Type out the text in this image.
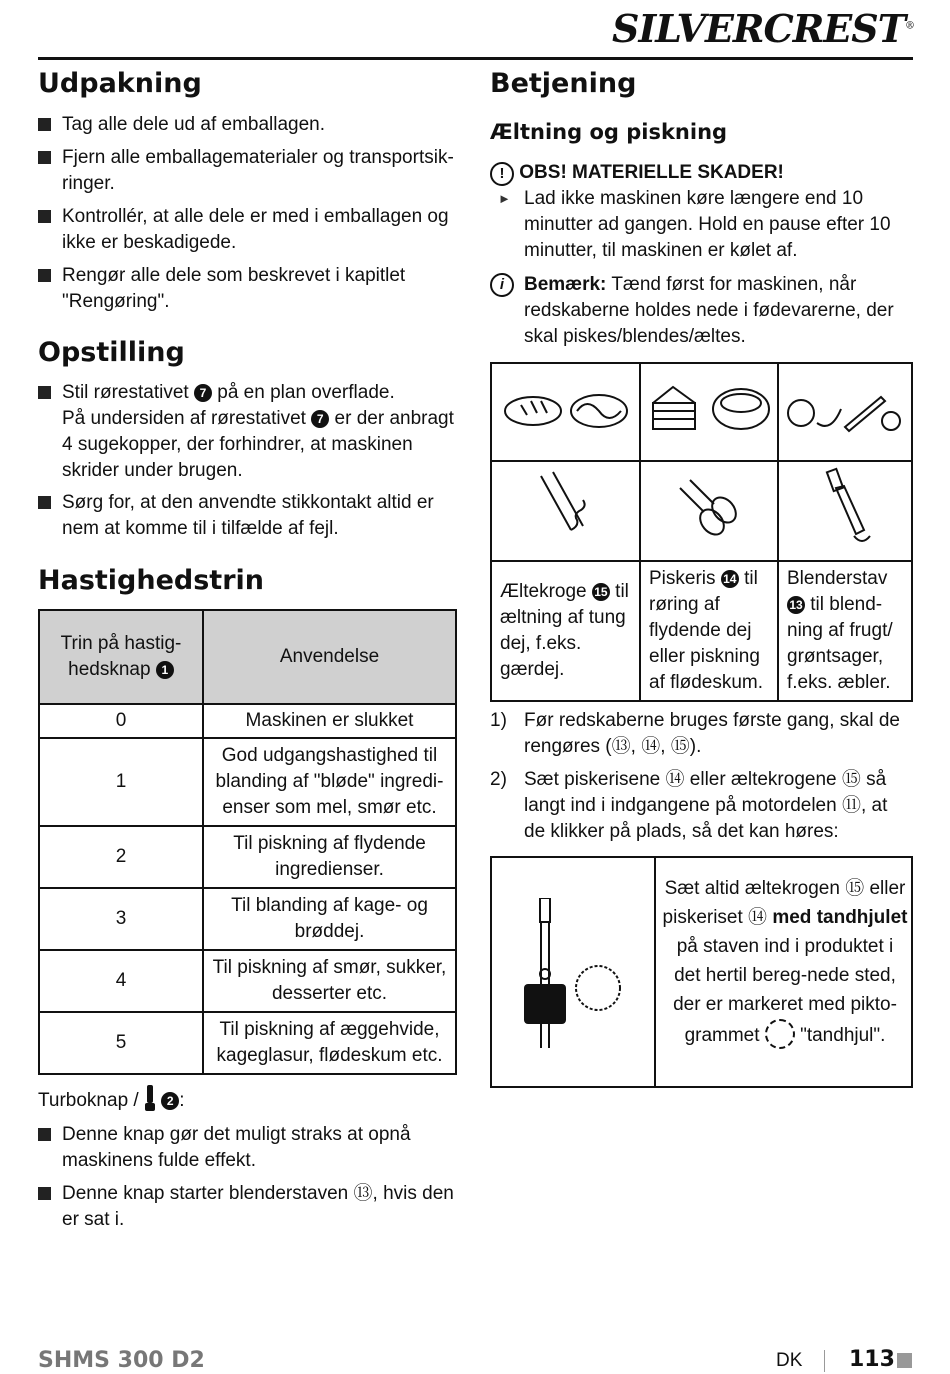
SILVERCREST®
Udpakning
Tag alle dele ud af emballagen.
Fjern alle emballagematerialer og transportsik-ringer.
Kontrollér, at alle dele er med i emballagen og ikke er beskadigede.
Rengør alle dele som beskrevet i kapitlet "Rengøring".
Opstilling
Stil rørestativet 7 på en plan overflade.
På undersiden af rørestativet 7 er der anbragt 4 sugekopper, der forhindrer, at maskinen skrider under brugen.
Sørg for, at den anvendte stikkontakt altid er nem at komme til i tilfælde af fejl.
Hastighedstrin
Trin på hastig-hedsknap 1	Anvendelse
0	Maskinen er slukket
1	God udgangshastighed til blanding af "bløde" ingredi-enser som mel, smør etc.
2	Til piskning af flydende ingredienser.
3	Til blanding af kage- og brøddej.
4	Til piskning af smør, sukker, desserter etc.
5	Til piskning af æggehvide, kageglasur, flødeskum etc.
Turboknap / 2 :
Denne knap gør det muligt straks at opnå maskinens fulde effekt.
Denne knap starter blenderstaven ⑬, hvis den er sat i.
Betjening
Æltning og piskning
! OBS! MATERIELLE SKADER!
► Lad ikke maskinen køre længere end 10 minutter ad gangen. Hold en pause efter 10 minutter, til maskinen er kølet af.
i	Bemærk: Tænd først for maskinen, når redskaberne holdes nede i fødevarerne, der skal piskes/blendes/æltes.

Æltekroge 15 til æltning af tung dej, f.eks. gærdej.	Piskeris 14 til røring af flydende dej eller piskning af flødeskum.	Blenderstav 13 til blend-ning af frugt/ grøntsager, f.eks. æbler.
1) Før redskaberne bruges første gang, skal de rengøres (⑬, ⑭, ⑮).
2) Sæt piskerisene ⑭ eller æltekrogene ⑮ så langt ind i indgangene på motordelen ⑪, at de klikker på plads, så det kan høres:
Sæt altid æltekrogen ⑮ eller piskeriset ⑭ med tandhjulet på staven ind i produktet i det hertil bereg-nede sted, der er markeret med pikto-grammet "tandhjul".
SHMS 300 D2	DK 113
